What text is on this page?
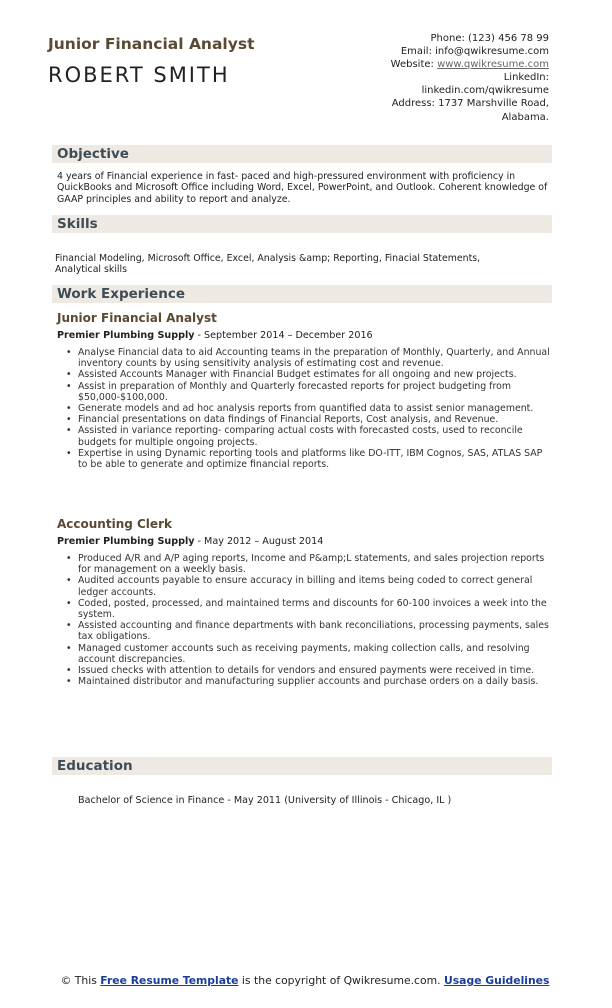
Junior Financial Analyst
ROBERT SMITH
Phone: (123) 456 78 99
Email: info@qwikresume.com
Website: www.qwikresume.com
LinkedIn:
linkedin.com/qwikresume
Address: 1737 Marshville Road,
Alabama.
Objective
4 years of Financial experience in fast- paced and high-pressured environment with proficiency in QuickBooks and Microsoft Office including Word, Excel, PowerPoint, and Outlook. Coherent knowledge of GAAP principles and ability to report and analyze.
Skills
Financial Modeling, Microsoft Office, Excel, Analysis &amp; Reporting, Finacial Statements, Analytical skills
Work Experience
Junior Financial Analyst
Premier Plumbing Supply - September 2014 – December 2016
• Analyse Financial data to aid Accounting teams in the preparation of Monthly, Quarterly, and Annual inventory counts by using sensitivity analysis of estimating cost and revenue.
• Assisted Accounts Manager with Financial Budget estimates for all ongoing and new projects.
• Assist in preparation of Monthly and Quarterly forecasted reports for project budgeting from $50,000-$100,000.
• Generate models and ad hoc analysis reports from quantified data to assist senior management.
• Financial presentations on data findings of Financial Reports, Cost analysis, and Revenue.
• Assisted in variance reporting- comparing actual costs with forecasted costs, used to reconcile budgets for multiple ongoing projects.
• Expertise in using Dynamic reporting tools and platforms like DO-ITT, IBM Cognos, SAS, ATLAS SAP to be able to generate and optimize financial reports.
Accounting Clerk
Premier Plumbing Supply - May 2012 – August 2014
• Produced A/R and A/P aging reports, Income and P&amp;L statements, and sales projection reports for management on a weekly basis.
• Audited accounts payable to ensure accuracy in billing and items being coded to correct general ledger accounts.
• Coded, posted, processed, and maintained terms and discounts for 60-100 invoices a week into the system.
• Assisted accounting and finance departments with bank reconciliations, processing payments, sales tax obligations.
• Managed customer accounts such as receiving payments, making collection calls, and resolving account discrepancies.
• Issued checks with attention to details for vendors and ensured payments were received in time.
• Maintained distributor and manufacturing supplier accounts and purchase orders on a daily basis.
Education
Bachelor of Science in Finance - May 2011 (University of Illinois - Chicago, IL )
© This Free Resume Template is the copyright of Qwikresume.com. Usage Guidelines
